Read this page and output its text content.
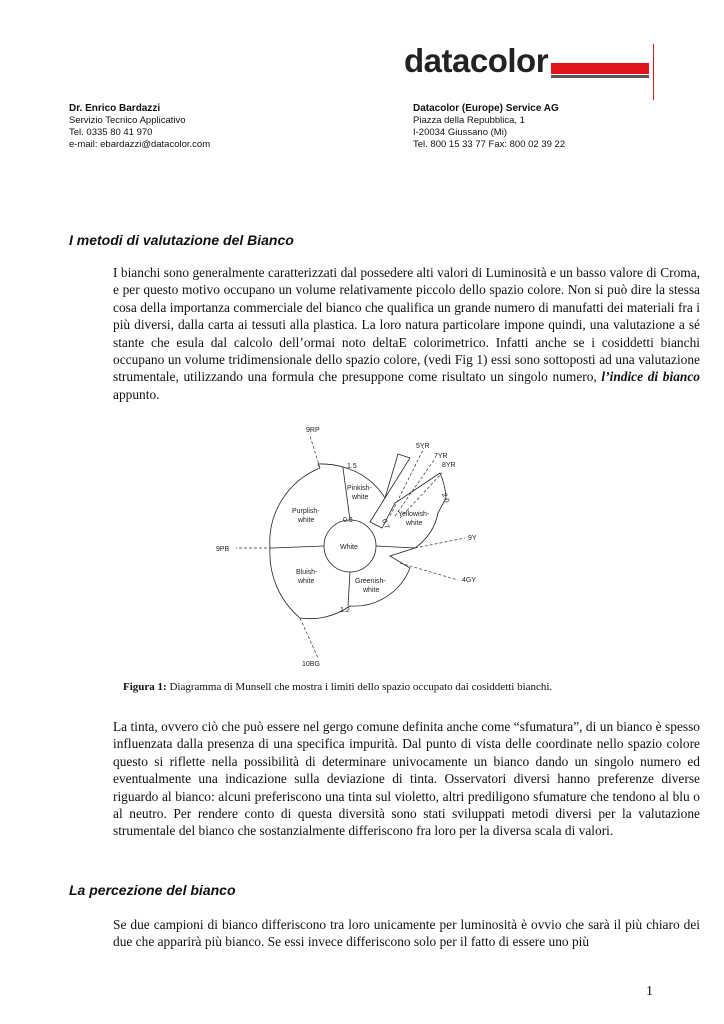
datacolor
Dr. Enrico Bardazzi
Servizio Tecnico Applicativo
Tel. 0335 80 41 970
e-mail: ebardazzi@datacolor.com
Datacolor (Europe) Service AG
Piazza della Repubblica, 1
I-20034 Giussano (Mi)
Tel. 800 15 33 77 Fax: 800 02 39 22
I metodi di valutazione del Bianco

I bianchi sono generalmente caratterizzati dal possedere alti valori di Luminosità e un basso valore di Croma, e per questo motivo occupano un volume relativamente piccolo dello spazio colore. Non si può dire la stessa cosa della importanza commerciale del bianco che qualifica un grande numero di manufatti dei materiali fra i più diversi, dalla carta ai tessuti alla plastica. La loro natura particolare impone quindi, una valutazione a sé stante che esula dal calcolo dell’ormai noto deltaE colorimetrico. Infatti anche se i cosiddetti bianchi occupano un volume tridimensionale dello spazio colore, (vedi Fig 1) essi sono sottoposti ad una valutazione strumentale, utilizzando una formula che presuppone come risultato un singolo numero, l’indice di bianco appunto.

9RP
5YR
7YR
8YR
9Y
4GY
10BG
9PB
1.5
0.5	0.7
2.0
1.2
White
Pinkish-
white
Purplish-
white
Yellowish-
white
Bluish-
white	Greenish-
white
Figura 1: Diagramma di Munsell che mostra i limiti dello spazio occupato dai cosiddetti bianchi.

La tinta, ovvero ciò che può essere nel gergo comune definita anche come “sfumatura”, di un bianco è spesso influenzata dalla presenza di una specifica impurità. Dal punto di vista delle coordinate nello spazio colore questo si riflette nella possibilità di determinare univocamente un bianco dando un singolo numero ed eventualmente una indicazione sulla deviazione di tinta. Osservatori diversi hanno preferenze diverse riguardo al bianco: alcuni preferiscono una tinta sul violetto, altri prediligono sfumature che tendono al blu o al neutro. Per rendere conto di questa diversità sono stati sviluppati metodi diversi per la valutazione strumentale del bianco che sostanzialmente differiscono fra loro per la diversa scala di valori.

La percezione del bianco

Se due campioni di bianco differiscono tra loro unicamente per luminosità è ovvio che sarà il più chiaro dei due che apparirà più bianco. Se essi invece differiscono solo per il fatto di essere uno più

1
